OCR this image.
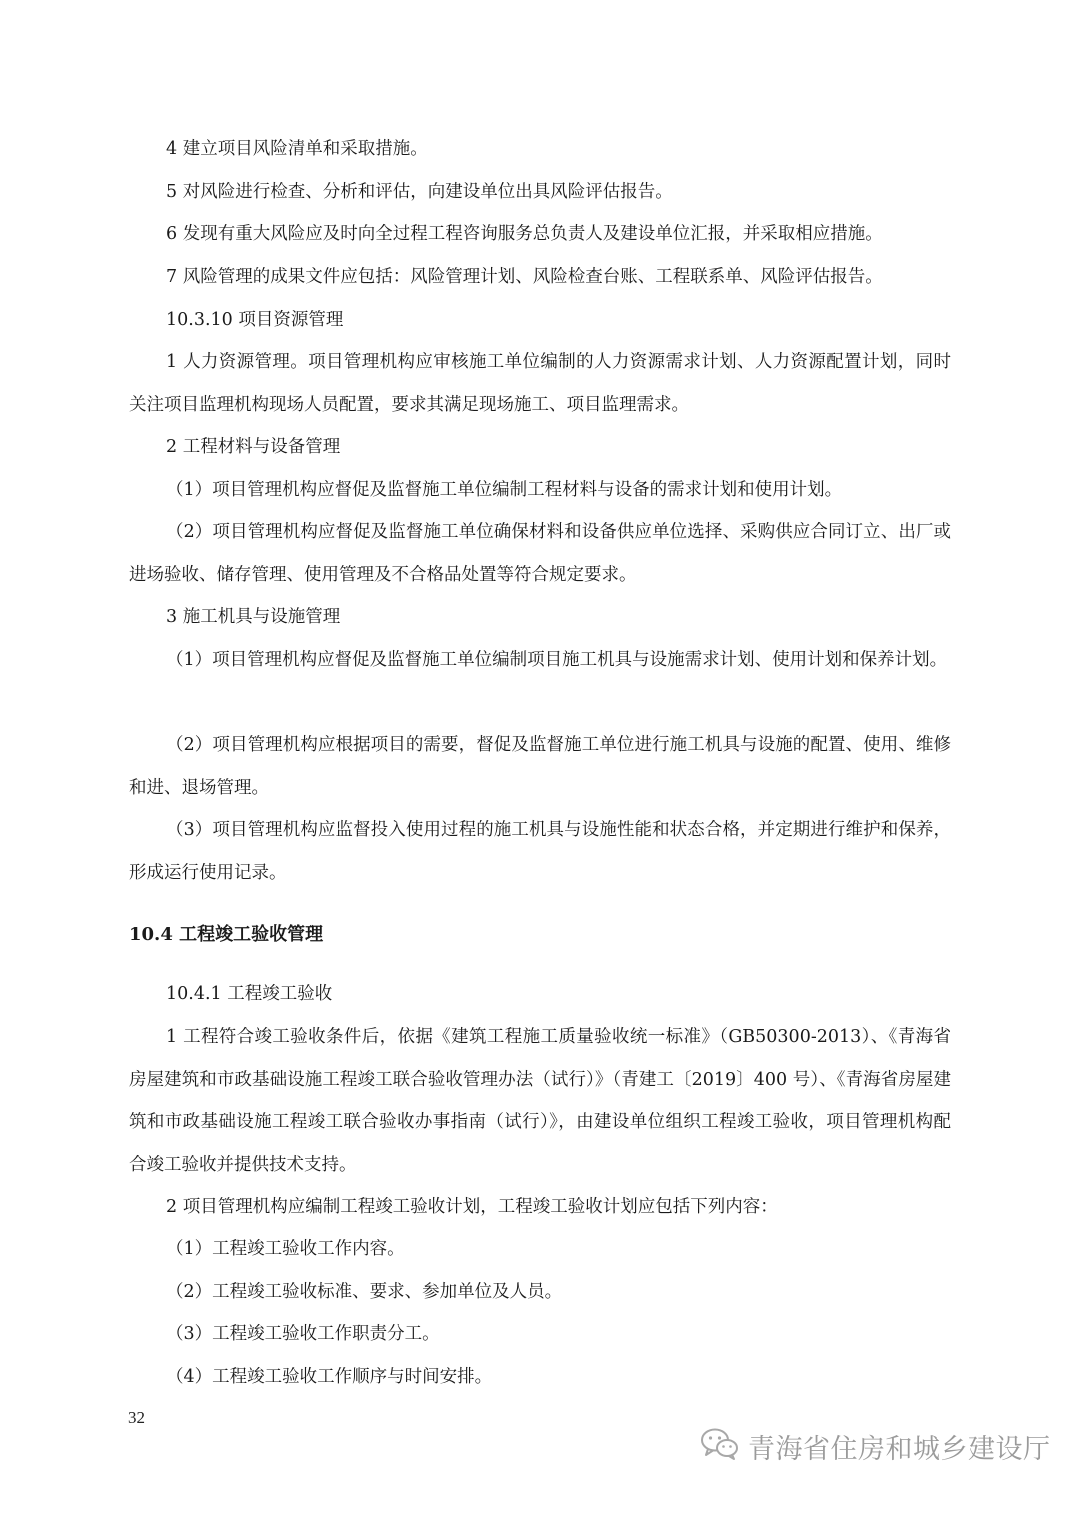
4 建立项目风险清单和采取措施。

5 对风险进行检查、分析和评估，向建设单位出具风险评估报告。

6 发现有重大风险应及时向全过程工程咨询服务总负责人及建设单位汇报，并采取相应措施。

7 风险管理的成果文件应包括：风险管理计划、风险检查台账、工程联系单、风险评估报告。

10.3.10 项目资源管理

1 人力资源管理。项目管理机构应审核施工单位编制的人力资源需求计划、人力资源配置计划，同时关注项目监理机构现场人员配置，要求其满足现场施工、项目监理需求。

2 工程材料与设备管理

（1）项目管理机构应督促及监督施工单位编制工程材料与设备的需求计划和使用计划。

（2）项目管理机构应督促及监督施工单位确保材料和设备供应单位选择、采购供应合同订立、出厂或进场验收、储存管理、使用管理及不合格品处置等符合规定要求。

3 施工机具与设施管理

（1）项目管理机构应督促及监督施工单位编制项目施工机具与设施需求计划、使用计划和保养计划。

（2）项目管理机构应根据项目的需要，督促及监督施工单位进行施工机具与设施的配置、使用、维修和进、退场管理。

（3）项目管理机构应监督投入使用过程的施工机具与设施性能和状态合格，并定期进行维护和保养，形成运行使用记录。

10.4 工程竣工验收管理

10.4.1 工程竣工验收

1 工程符合竣工验收条件后，依据《建筑工程施工质量验收统一标准》（GB50300-2013）、《青海省房屋建筑和市政基础设施工程竣工联合验收管理办法（试行）》（青建工〔2019〕400 号）、《青海省房屋建筑和市政基础设施工程竣工联合验收办事指南（试行）》，由建设单位组织工程竣工验收，项目管理机构配合竣工验收并提供技术支持。

2 项目管理机构应编制工程竣工验收计划，工程竣工验收计划应包括下列内容：

（1）工程竣工验收工作内容。

（2）工程竣工验收标准、要求、参加单位及人员。

（3）工程竣工验收工作职责分工。

（4）工程竣工验收工作顺序与时间安排。

32
青海省住房和城乡建设厅
